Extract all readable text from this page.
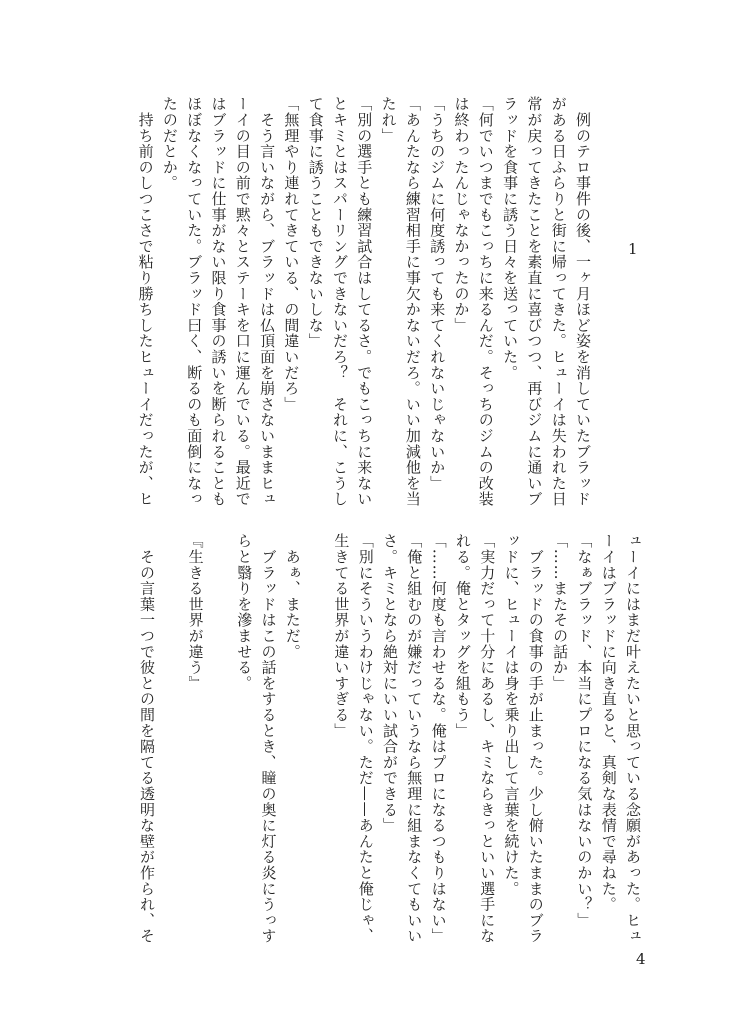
1
　例のテロ事件の後、一ヶ月ほど姿を消していたブラッド
がある日ふらりと街に帰ってきた。ヒューイは失われた日
常が戻ってきたことを素直に喜びつつ、再びジムに通いブ
ラッドを食事に誘う日々を送っていた。
「何でいつまでもこっちに来るんだ。そっちのジムの改装
は終わったんじゃなかったのか」
「うちのジムに何度誘っても来てくれないじゃないか」
「あんたなら練習相手に事欠かないだろ。いい加減他を当
たれ」
「別の選手とも練習試合はしてるさ。でもこっちに来ない
とキミとはスパーリングできないだろ？　それに、こうし
て食事に誘うこともできないしな」
「無理やり連れてきている、の間違いだろ」
　そう言いながら、ブラッドは仏頂面を崩さないままヒュ
ーイの目の前で黙々とステーキを口に運んでいる。最近で
はブラッドに仕事がない限り食事の誘いを断られることも
ほぼなくなっていた。ブラッド曰く、断るのも面倒になっ
たのだとか。
　持ち前のしつこさで粘り勝ちしたヒューイだったが、ヒ
ューイにはまだ叶えたいと思っている念願があった。ヒュ
ーイはブラッドに向き直ると、真剣な表情で尋ねた。
「なぁブラッド、本当にプロになる気はないのかい？」
「……またその話か」
　ブラッドの食事の手が止まった。少し俯いたままのブラ
ッドに、ヒューイは身を乗り出して言葉を続けた。
「実力だって十分にあるし、キミならきっといい選手にな
れる。俺とタッグを組もう」
「……何度も言わせるな。俺はプロになるつもりはない」
「俺と組むのが嫌だっていうなら無理に組まなくてもいい
さ。キミとなら絶対にいい試合ができる」
「別にそういうわけじゃない。ただ——あんたと俺じゃ、
生きてる世界が違いすぎる」
　あぁ、まただ。
　ブラッドはこの話をするとき、瞳の奥に灯る炎にうっす
らと翳りを滲ませる。
『生きる世界が違う』
　その言葉一つで彼との間を隔てる透明な壁が作られ、そ
4
